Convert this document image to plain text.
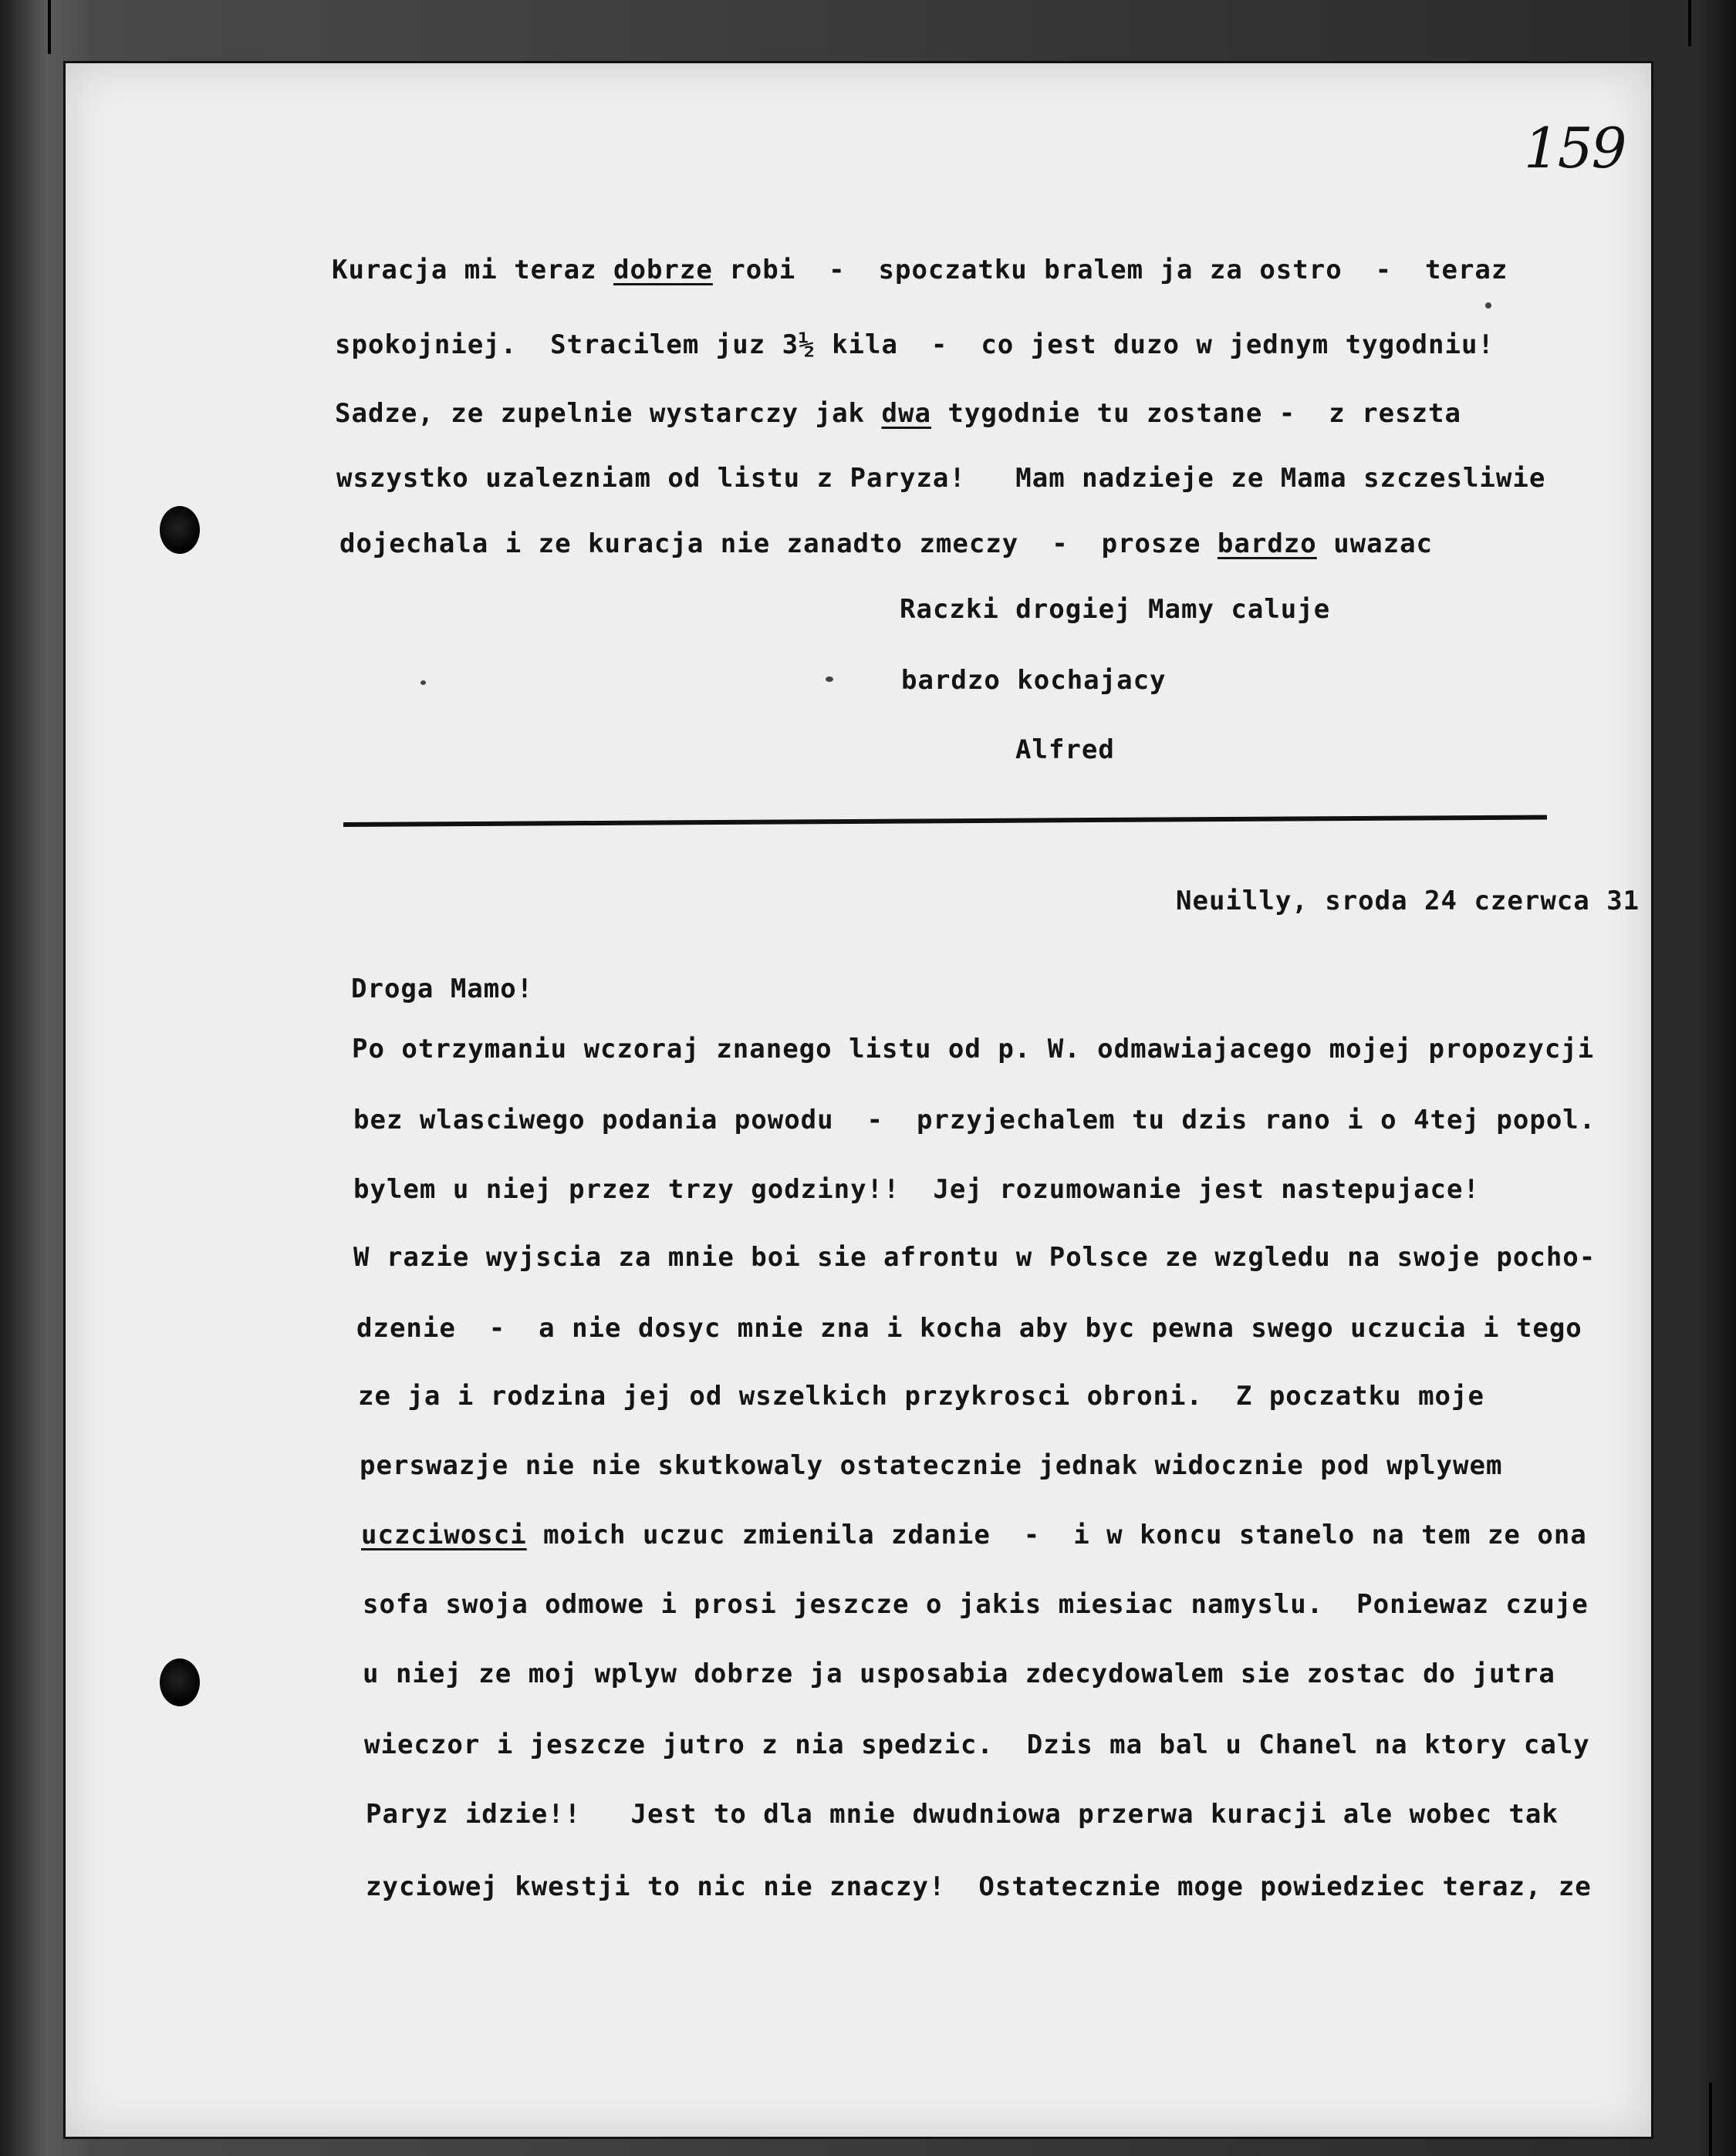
159

Kuracja mi teraz dobrze robi  -  spoczatku bralem ja za ostro  -  teraz

spokojniej.  Stracilem juz 3½ kila  -  co jest duzo w jednym tygodniu!

Sadze, ze zupelnie wystarczy jak dwa tygodnie tu zostane -  z reszta

wszystko uzalezniam od listu z Paryza!   Mam nadzieje ze Mama szczesliwie

dojechala i ze kuracja nie zanadto zmeczy  -  prosze bardzo uwazac

Raczki drogiej Mamy caluje

bardzo kochajacy

Alfred

Neuilly, sroda 24 czerwca 31

Droga Mamo!

Po otrzymaniu wczoraj znanego listu od p. W. odmawiajacego mojej propozycji

bez wlasciwego podania powodu  -  przyjechalem tu dzis rano i o 4tej popol.

bylem u niej przez trzy godziny!!  Jej rozumowanie jest nastepujace!

W razie wyjscia za mnie boi sie afrontu w Polsce ze wzgledu na swoje pocho-

dzenie  -  a nie dosyc mnie zna i kocha aby byc pewna swego uczucia i tego

ze ja i rodzina jej od wszelkich przykrosci obroni.  Z poczatku moje

perswazje nie nie skutkowaly ostatecznie jednak widocznie pod wplywem

uczciwosci moich uczuc zmienila zdanie  -  i w koncu stanelo na tem ze ona

sofa swoja odmowe i prosi jeszcze o jakis miesiac namyslu.  Poniewaz czuje

u niej ze moj wplyw dobrze ja usposabia zdecydowalem sie zostac do jutra

wieczor i jeszcze jutro z nia spedzic.  Dzis ma bal u Chanel na ktory caly

Paryz idzie!!   Jest to dla mnie dwudniowa przerwa kuracji ale wobec tak

zyciowej kwestji to nic nie znaczy!  Ostatecznie moge powiedziec teraz, ze
